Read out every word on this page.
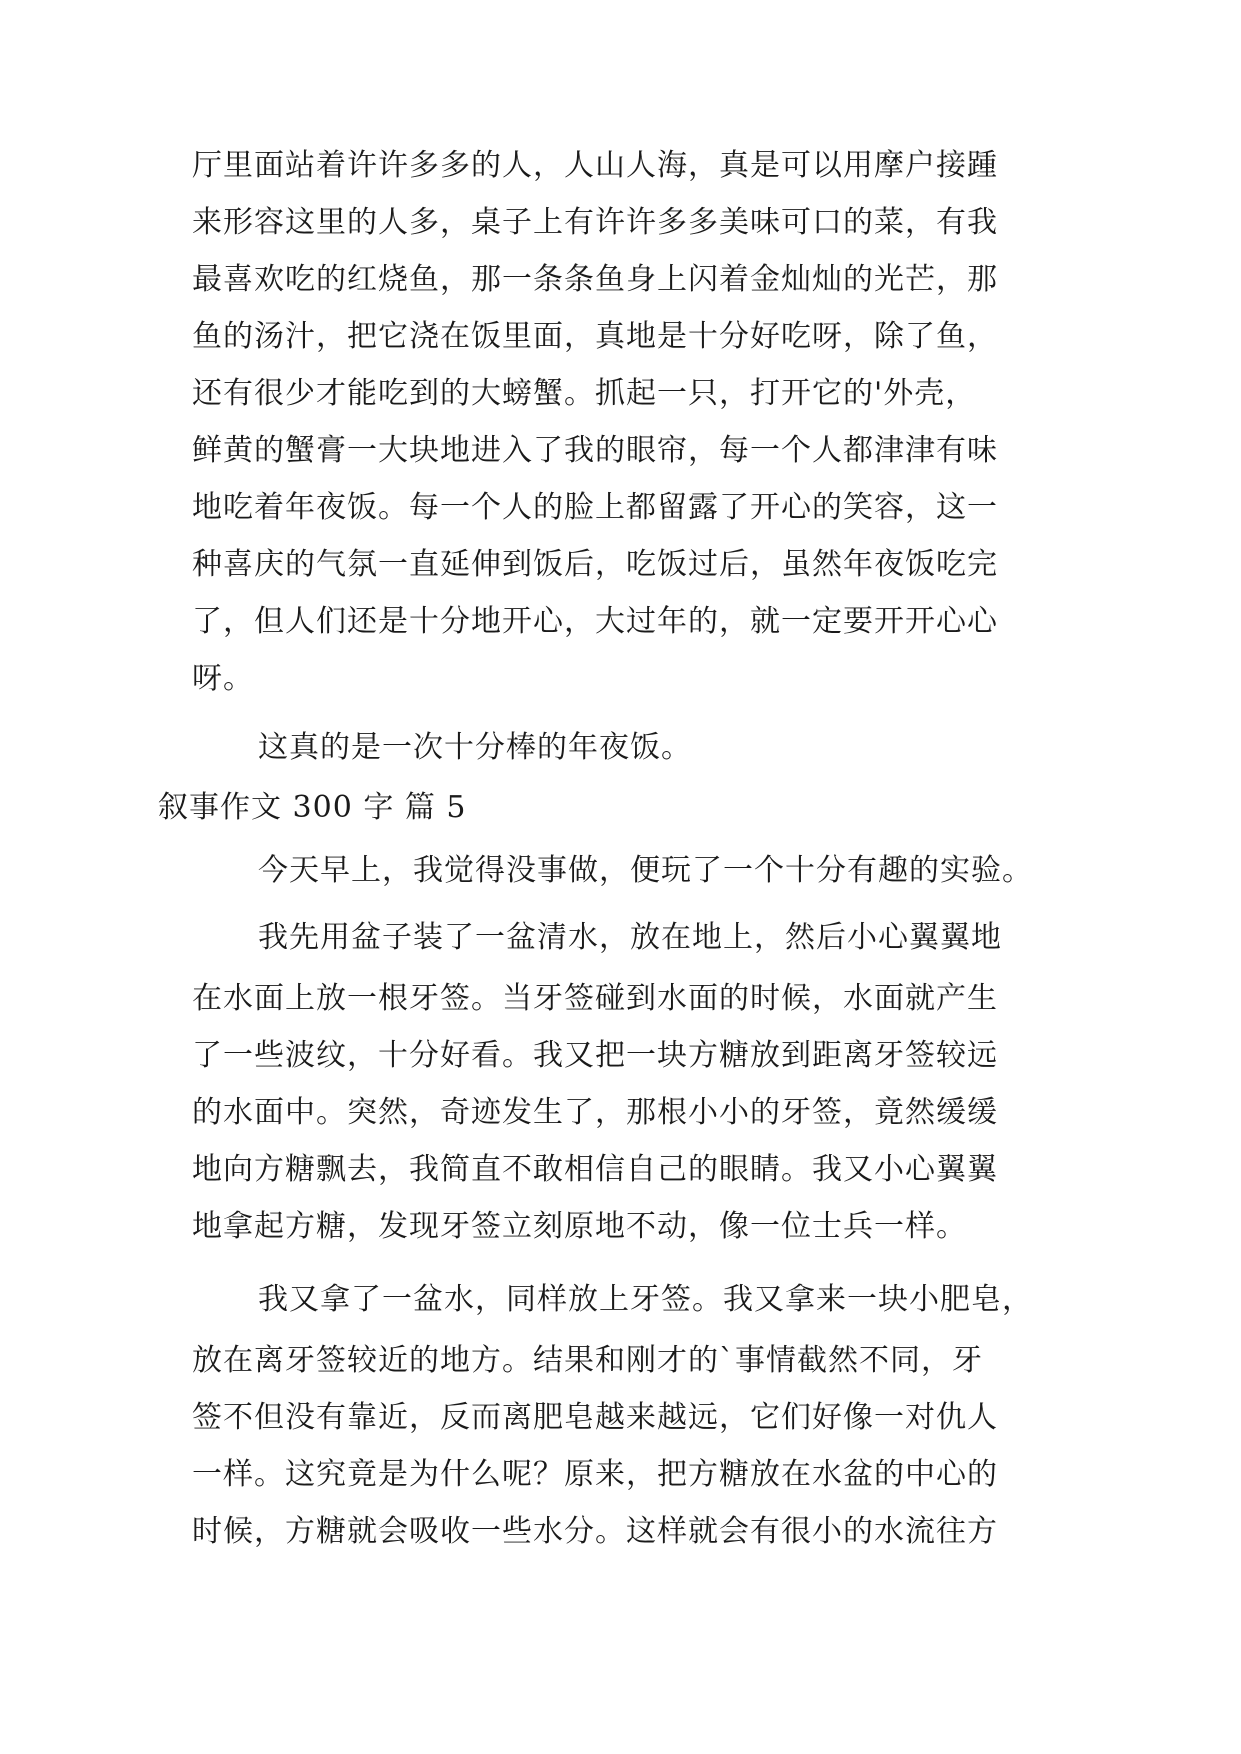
厅里面站着许许多多的人，人山人海，真是可以用摩户接踵
来形容这里的人多，桌子上有许许多多美味可口的菜，有我
最喜欢吃的红烧鱼，那一条条鱼身上闪着金灿灿的光芒，那
鱼的汤汁，把它浇在饭里面，真地是十分好吃呀，除了鱼，
还有很少才能吃到的大螃蟹。抓起一只，打开它的'外壳，
鲜黄的蟹膏一大块地进入了我的眼帘，每一个人都津津有味
地吃着年夜饭。每一个人的脸上都留露了开心的笑容，这一
种喜庆的气氛一直延伸到饭后，吃饭过后，虽然年夜饭吃完
了，但人们还是十分地开心，大过年的，就一定要开开心心
呀。
这真的是一次十分棒的年夜饭。
叙事作文 300 字 篇 5
今天早上，我觉得没事做，便玩了一个十分有趣的实验。
我先用盆子装了一盆清水，放在地上，然后小心翼翼地
在水面上放一根牙签。当牙签碰到水面的时候，水面就产生
了一些波纹，十分好看。我又把一块方糖放到距离牙签较远
的水面中。突然，奇迹发生了，那根小小的牙签，竟然缓缓
地向方糖飘去，我简直不敢相信自己的眼睛。我又小心翼翼
地拿起方糖，发现牙签立刻原地不动，像一位士兵一样。
我又拿了一盆水，同样放上牙签。我又拿来一块小肥皂，
放在离牙签较近的地方。结果和刚才的`事情截然不同，牙
签不但没有靠近，反而离肥皂越来越远，它们好像一对仇人
一样。这究竟是为什么呢？原来，把方糖放在水盆的中心的
时候，方糖就会吸收一些水分。这样就会有很小的水流往方
